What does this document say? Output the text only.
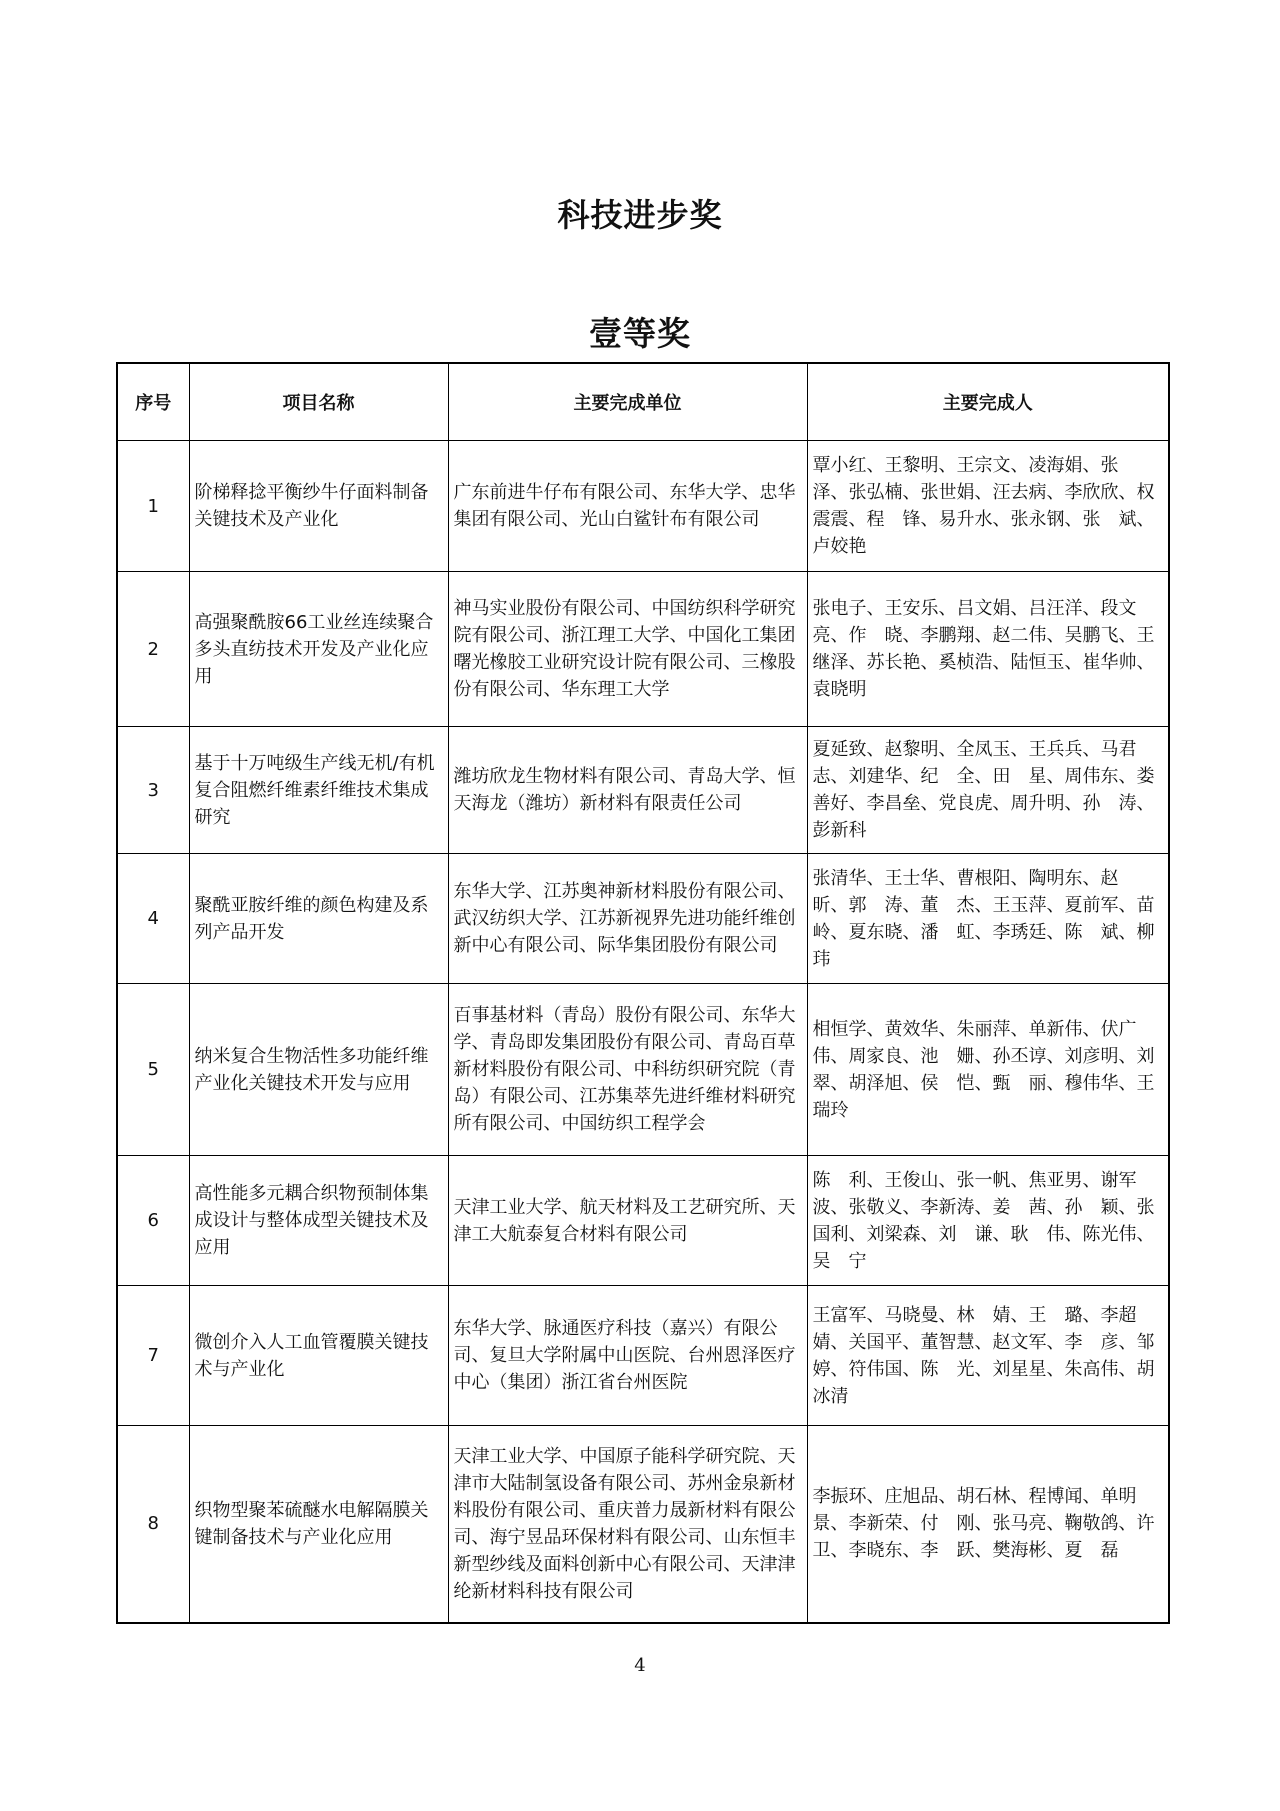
科技进步奖
壹等奖
序号	项目名称	主要完成单位	主要完成人
1	阶梯释捻平衡纱牛仔面料制备关键技术及产业化	广东前进牛仔布有限公司、东华大学、忠华集团有限公司、光山白鲨针布有限公司	覃小红、王黎明、王宗文、凌海娟、张　泽、张弘楠、张世娟、汪去病、李欣欣、权震震、程　锋、易升水、张永钢、张　斌、卢姣艳
2	高强聚酰胺66工业丝连续聚合多头直纺技术开发及产业化应用	神马实业股份有限公司、中国纺织科学研究院有限公司、浙江理工大学、中国化工集团曙光橡胶工业研究设计院有限公司、三橡股份有限公司、华东理工大学	张电子、王安乐、吕文娟、吕汪洋、段文亮、作　晓、李鹏翔、赵二伟、吴鹏飞、王继泽、苏长艳、奚桢浩、陆恒玉、崔华帅、袁晓明
3	基于十万吨级生产线无机/有机复合阻燃纤维素纤维技术集成研究	潍坊欣龙生物材料有限公司、青岛大学、恒天海龙（潍坊）新材料有限责任公司	夏延致、赵黎明、全凤玉、王兵兵、马君志、刘建华、纪　全、田　星、周伟东、娄善好、李昌垒、党良虎、周升明、孙　涛、彭新科
4	聚酰亚胺纤维的颜色构建及系列产品开发	东华大学、江苏奥神新材料股份有限公司、武汉纺织大学、江苏新视界先进功能纤维创新中心有限公司、际华集团股份有限公司	张清华、王士华、曹根阳、陶明东、赵　昕、郭　涛、董　杰、王玉萍、夏前军、苗　岭、夏东晓、潘　虹、李琇廷、陈　斌、柳　玮
5	纳米复合生物活性多功能纤维产业化关键技术开发与应用	百事基材料（青岛）股份有限公司、东华大学、青岛即发集团股份有限公司、青岛百草新材料股份有限公司、中科纺织研究院（青岛）有限公司、江苏集萃先进纤维材料研究所有限公司、中国纺织工程学会	相恒学、黄效华、朱丽萍、单新伟、伏广伟、周家良、池　姗、孙丕谆、刘彦明、刘　翠、胡泽旭、侯　恺、甄　丽、穆伟华、王瑞玲
6	高性能多元耦合织物预制体集成设计与整体成型关键技术及应用	天津工业大学、航天材料及工艺研究所、天津工大航泰复合材料有限公司	陈　利、王俊山、张一帆、焦亚男、谢军波、张敬义、李新涛、姜　茜、孙　颖、张国利、刘梁森、刘　谦、耿　伟、陈光伟、吴　宁
7	微创介入人工血管覆膜关键技术与产业化	东华大学、脉通医疗科技（嘉兴）有限公司、复旦大学附属中山医院、台州恩泽医疗中心（集团）浙江省台州医院	王富军、马晓曼、林　婧、王　璐、李超婧、关国平、董智慧、赵文军、李　彦、邹　婷、符伟国、陈　光、刘星星、朱高伟、胡冰清
8	织物型聚苯硫醚水电解隔膜关键制备技术与产业化应用	天津工业大学、中国原子能科学研究院、天津市大陆制氢设备有限公司、苏州金泉新材料股份有限公司、重庆普力晟新材料有限公司、海宁昱品环保材料有限公司、山东恒丰新型纱线及面料创新中心有限公司、天津津纶新材料科技有限公司	李振环、庄旭品、胡石林、程博闻、单明景、李新荣、付　刚、张马亮、鞠敬鸽、许　卫、李晓东、李　跃、樊海彬、夏　磊
4
